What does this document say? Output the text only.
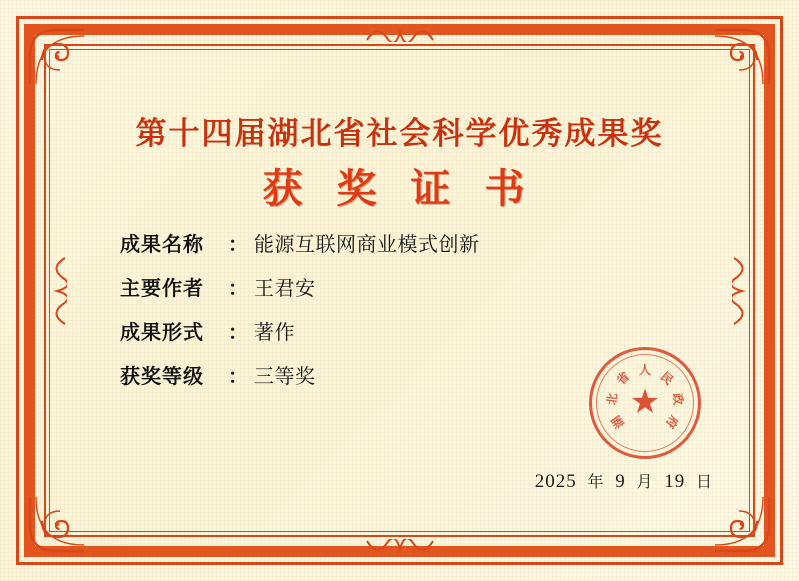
第十四届湖北省社会科学优秀成果奖
获 奖 证 书
成果名称	： 能源互联网商业模式创新
主要作者	： 王君安
成果形式	： 著作
获奖等级	： 三等奖
湖
北
省 人 民
政
府
★
2025 年 9 月 19 日
